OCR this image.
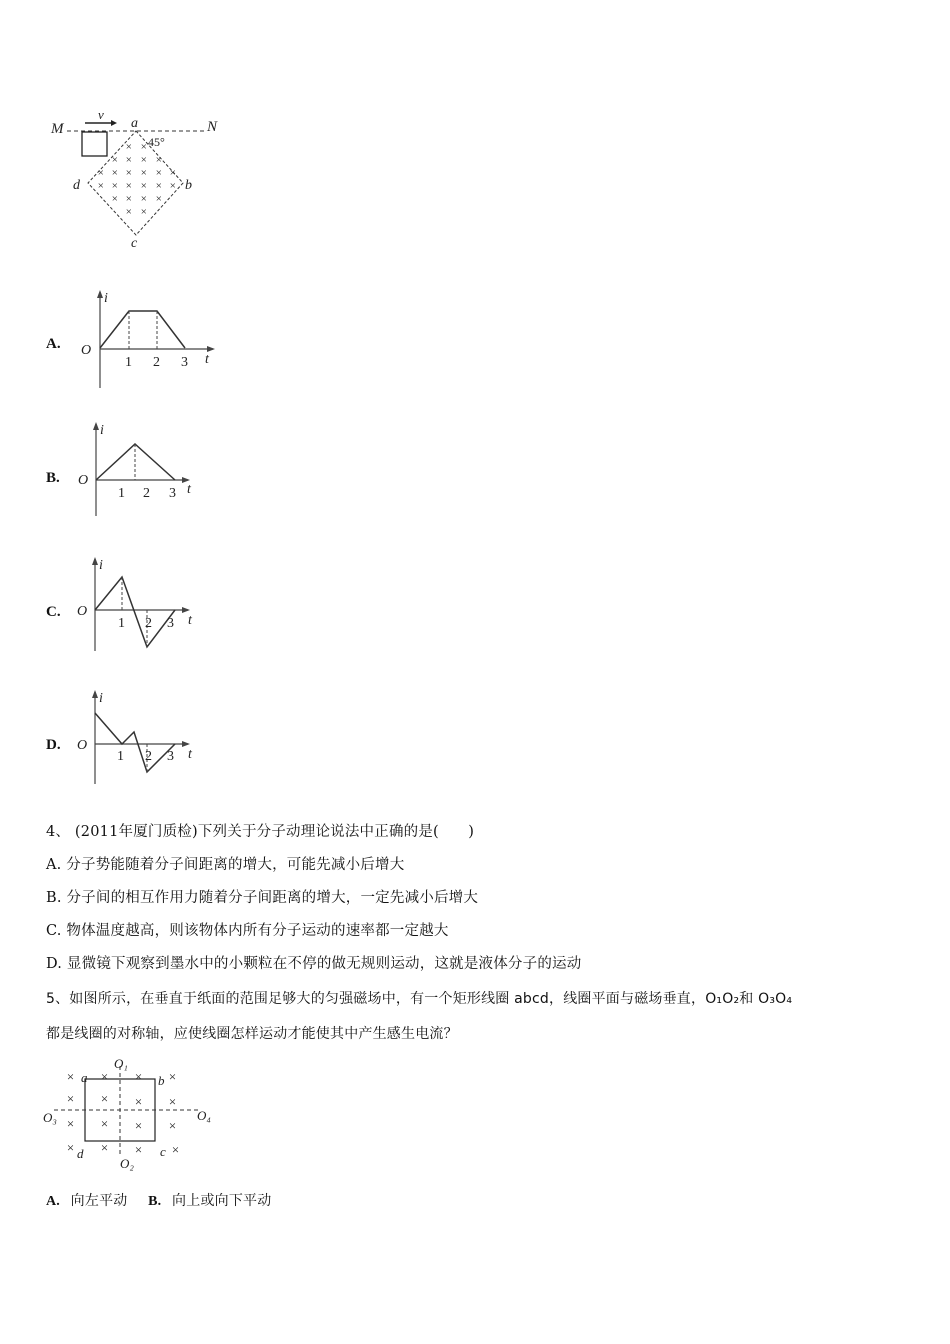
M	N
v
a
45°
d	b
c
× ×
× × × ×
× × × × × ×
× × × × × ×
× × × ×
× ×
A.
i
t
O
1 2 3
B.
i
t
O
1 2 3
C.
i
t
O
1 2 3
D.
i
t
O
1 2 3
4、 (2011年厦门质检)下列关于分子动理论说法中正确的是(　　)
A. 分子势能随着分子间距离的增大，可能先减小后增大
B. 分子间的相互作用力随着分子间距离的增大，一定先减小后增大
C. 物体温度越高，则该物体内所有分子运动的速率都一定越大
D. 显微镜下观察到墨水中的小颗粒在不停的做无规则运动，这就是液体分子的运动
5、如图所示，在垂直于纸面的范围足够大的匀强磁场中，有一个矩形线圈 abcd，线圈平面与磁场垂直，O₁O₂和 O₃O₄
都是线圈的对称轴，应使线圈怎样运动才能使其中产生感生电流？
O₁
O₂
O₃	O₄
a	b
c
d
× × × ×
× × × ×
× × × ×
× × × ×
A. 向左平动 B. 向上或向下平动
